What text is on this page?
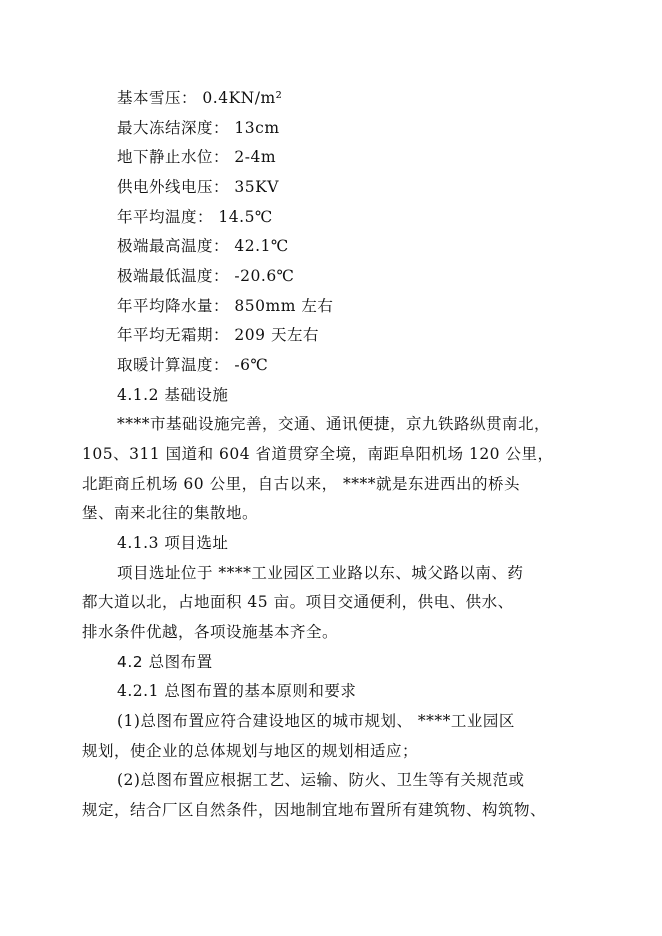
基本雪压： 0.4KN/m²
最大冻结深度： 13cm
地下静止水位： 2-4m
供电外线电压： 35KV
年平均温度： 14.5℃
极端最高温度： 42.1℃
极端最低温度： -20.6℃
年平均降水量： 850mm 左右
年平均无霜期： 209 天左右
取暖计算温度： -6℃
4.1.2 基础设施
****市基础设施完善，交通、通讯便捷，京九铁路纵贯南北，
105、311 国道和 604 省道贯穿全境，南距阜阳机场 120 公里，
北距商丘机场 60 公里，自古以来， ****就是东进西出的桥头
堡、南来北往的集散地。
4.1.3 项目选址
项目选址位于 ****工业园区工业路以东、城父路以南、药
都大道以北，占地面积 45 亩。项目交通便利，供电、供水、
排水条件优越，各项设施基本齐全。
4.2 总图布置
4.2.1 总图布置的基本原则和要求
(1)总图布置应符合建设地区的城市规划、 ****工业园区
规划，使企业的总体规划与地区的规划相适应；
(2)总图布置应根据工艺、运输、防火、卫生等有关规范或
规定，结合厂区自然条件，因地制宜地布置所有建筑物、构筑物、
